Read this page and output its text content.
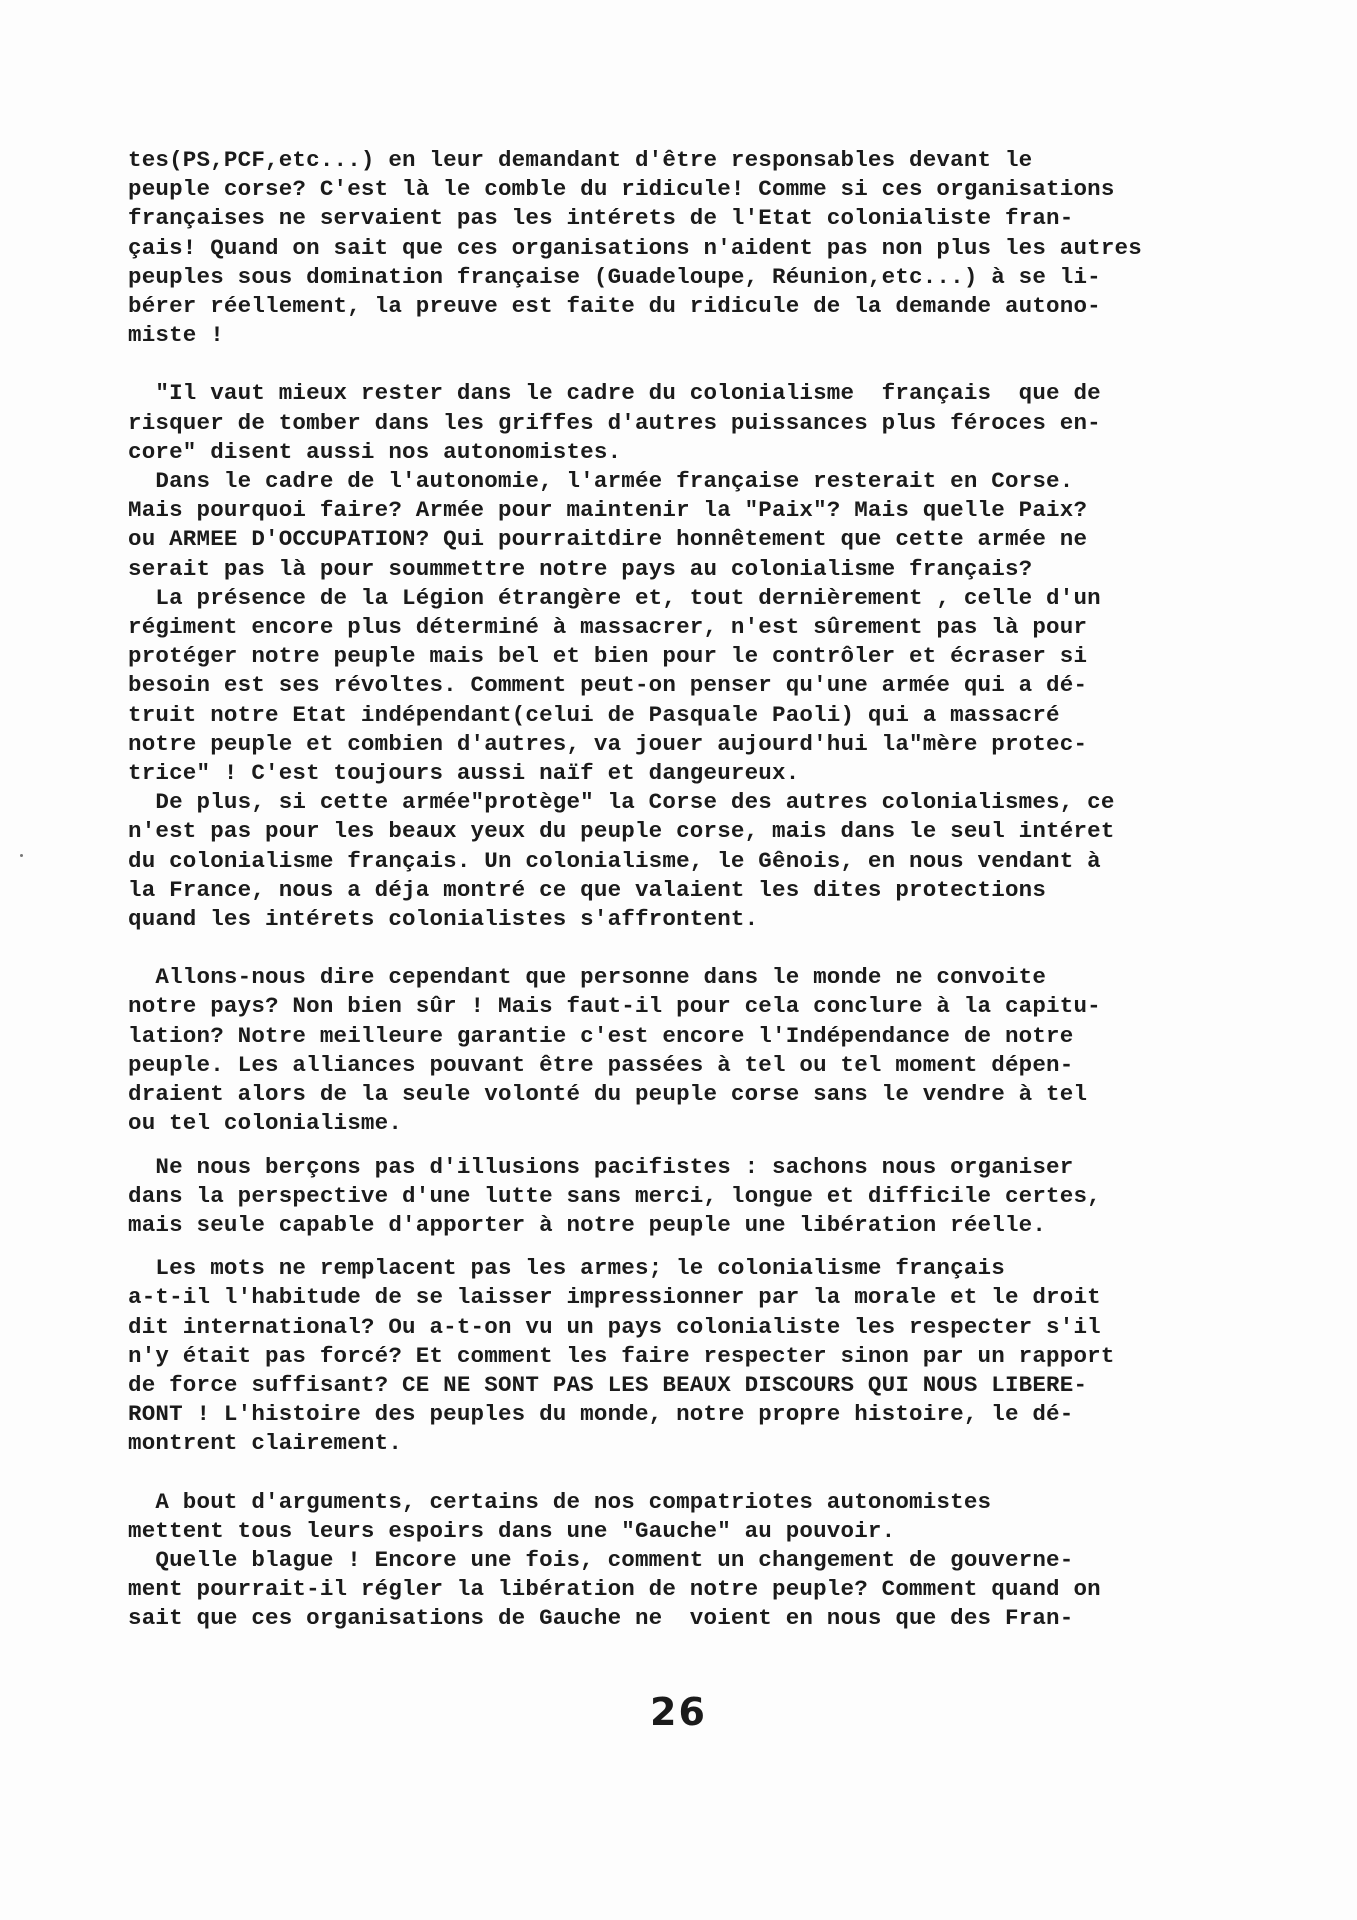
tes(PS,PCF,etc...) en leur demandant d'être responsables devant le
peuple corse? C'est là le comble du ridicule! Comme si ces organisations
françaises ne servaient pas les intérets de l'Etat colonialiste fran-
çais! Quand on sait que ces organisations n'aident pas non plus les autres
peuples sous domination française (Guadeloupe, Réunion,etc...) à se li-
bérer réellement, la preuve est faite du ridicule de la demande autono-
miste !
"Il vaut mieux rester dans le cadre du colonialisme  français  que de
risquer de tomber dans les griffes d'autres puissances plus féroces en-
core" disent aussi nos autonomistes.
Dans le cadre de l'autonomie, l'armée française resterait en Corse.
Mais pourquoi faire? Armée pour maintenir la "Paix"? Mais quelle Paix?
ou ARMEE D'OCCUPATION? Qui pourraitdire honnêtement que cette armée ne
serait pas là pour soummettre notre pays au colonialisme français?
La présence de la Légion étrangère et, tout dernièrement , celle d'un
régiment encore plus déterminé à massacrer, n'est sûrement pas là pour
protéger notre peuple mais bel et bien pour le contrôler et écraser si
besoin est ses révoltes. Comment peut-on penser qu'une armée qui a dé-
truit notre Etat indépendant(celui de Pasquale Paoli) qui a massacré
notre peuple et combien d'autres, va jouer aujourd'hui la"mère protec-
trice" ! C'est toujours aussi naïf et dangeureux.
De plus, si cette armée"protège" la Corse des autres colonialismes, ce
n'est pas pour les beaux yeux du peuple corse, mais dans le seul intéret
du colonialisme français. Un colonialisme, le Gênois, en nous vendant à
la France, nous a déja montré ce que valaient les dites protections
quand les intérets colonialistes s'affrontent.
Allons-nous dire cependant que personne dans le monde ne convoite
notre pays? Non bien sûr ! Mais faut-il pour cela conclure à la capitu-
lation? Notre meilleure garantie c'est encore l'Indépendance de notre
peuple. Les alliances pouvant être passées à tel ou tel moment dépen-
draient alors de la seule volonté du peuple corse sans le vendre à tel
ou tel colonialisme.
Ne nous berçons pas d'illusions pacifistes : sachons nous organiser
dans la perspective d'une lutte sans merci, longue et difficile certes,
mais seule capable d'apporter à notre peuple une libération réelle.
Les mots ne remplacent pas les armes; le colonialisme français
a-t-il l'habitude de se laisser impressionner par la morale et le droit
dit international? Ou a-t-on vu un pays colonialiste les respecter s'il
n'y était pas forcé? Et comment les faire respecter sinon par un rapport
de force suffisant? CE NE SONT PAS LES BEAUX DISCOURS QUI NOUS LIBERE-
RONT ! L'histoire des peuples du monde, notre propre histoire, le dé-
montrent clairement.
A bout d'arguments, certains de nos compatriotes autonomistes
mettent tous leurs espoirs dans une "Gauche" au pouvoir.
Quelle blague ! Encore une fois, comment un changement de gouverne-
ment pourrait-il régler la libération de notre peuple? Comment quand on
sait que ces organisations de Gauche ne  voient en nous que des Fran-
26
